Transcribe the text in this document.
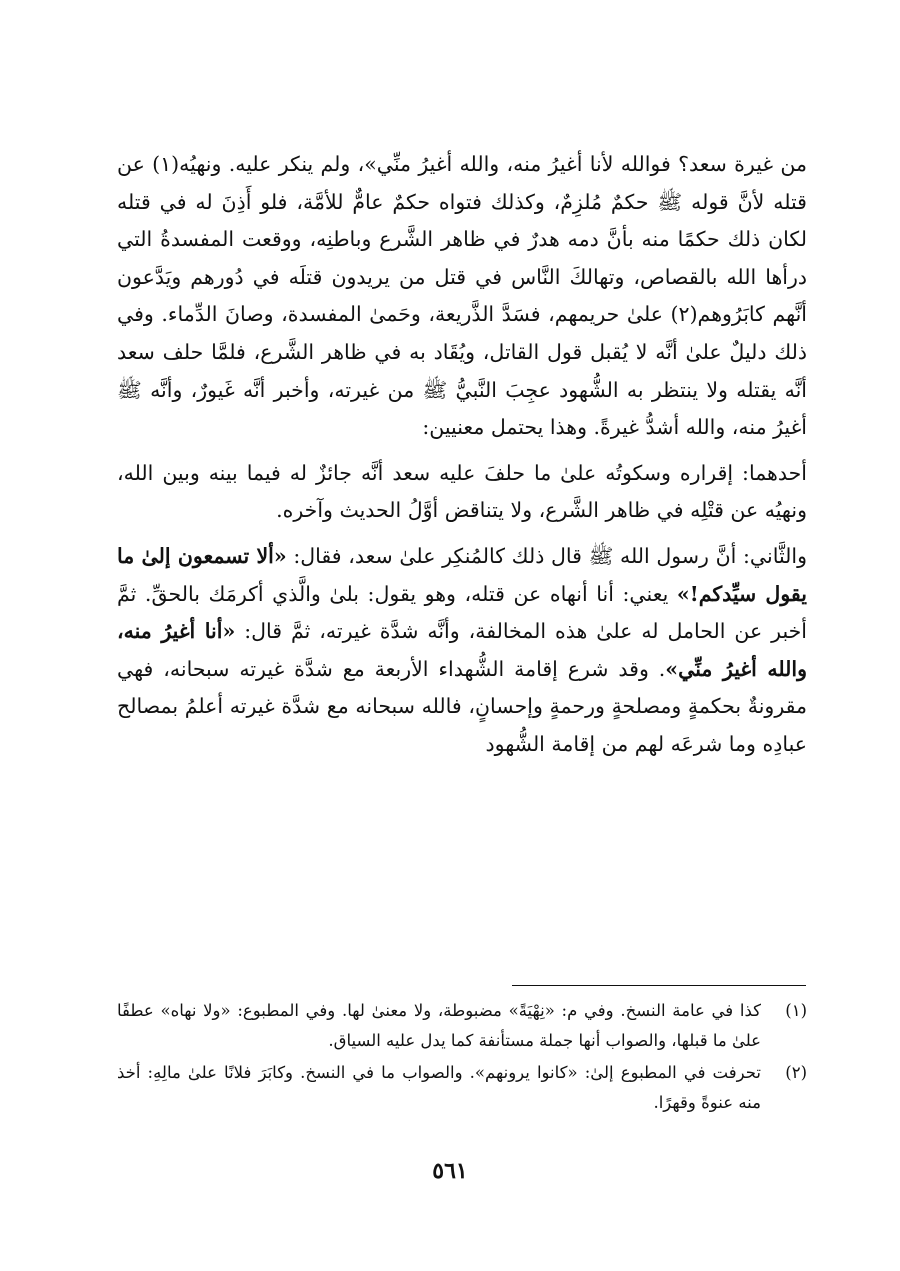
من غيرة سعد؟ فوالله لأنا أغيرُ منه، والله أغيرُ منِّي»، ولم ينكر عليه. ونهيُه(١) عن قتله لأنَّ قوله ﷺ حكمٌ مُلزِمٌ، وكذلك فتواه حكمٌ عامٌّ للأمَّة، فلو أَذِنَ له في قتله لكان ذلك حكمًا منه بأنَّ دمه هدرٌ في ظاهر الشَّرع وباطنِه، ووقعت المفسدةُ التي درأها الله بالقصاص، وتهالكَ النَّاس في قتل من يريدون قتلَه في دُورهم ويَدَّعون أنَّهم كابَرُوهم(٢) علىٰ حريمهم، فسَدَّ الذَّريعة، وحَمىٰ المفسدة، وصانَ الدِّماء. وفي ذلك دليلٌ علىٰ أنَّه لا يُقبل قول القاتل، ويُقَاد به في ظاهر الشَّرع، فلمَّا حلف سعد أنَّه يقتله ولا ينتظر به الشُّهود عجِبَ النَّبيُّ ﷺ من غيرته، وأخبر أنَّه غَيورٌ، وأنَّه ﷺ أغيرُ منه، والله أشدُّ غيرةً. وهذا يحتمل معنيين:

أحدهما: إقراره وسكوتُه علىٰ ما حلفَ عليه سعد أنَّه جائزٌ له فيما بينه وبين الله، ونهيُه عن قتْلِه في ظاهر الشَّرع، ولا يتناقض أوَّلُ الحديث وآخره.

والثَّاني: أنَّ رسول الله ﷺ قال ذلك كالمُنكِر علىٰ سعد، فقال: «ألا تسمعون إلىٰ ما يقول سيِّدكم!» يعني: أنا أنهاه عن قتله، وهو يقول: بلىٰ والَّذي أكرمَك بالحقِّ. ثمَّ أخبر عن الحامل له علىٰ هذه المخالفة، وأنَّه شدَّة غيرته، ثمَّ قال: «أنا أغيرُ منه، والله أغيرُ منِّي». وقد شرع إقامة الشُّهداء الأربعة مع شدَّة غيرته سبحانه، فهي مقرونةٌ بحكمةٍ ومصلحةٍ ورحمةٍ وإحسانٍ، فالله سبحانه مع شدَّة غيرته أعلمُ بمصالح عبادِه وما شرعَه لهم من إقامة الشُّهود

(١)
كذا في عامة النسخ. وفي م: «نِهْيَةً» مضبوطة، ولا معنىٰ لها. وفي المطبوع: «ولا نهاه» عطفًا علىٰ ما قبلها، والصواب أنها جملة مستأنفة كما يدل عليه السياق.
(٢)
تحرفت في المطبوع إلىٰ: «كانوا يرونهم». والصواب ما في النسخ. وكابَرَ فلانًا علىٰ مالِهِ: أخذ منه عنوةً وقهرًا.
٥٦١
